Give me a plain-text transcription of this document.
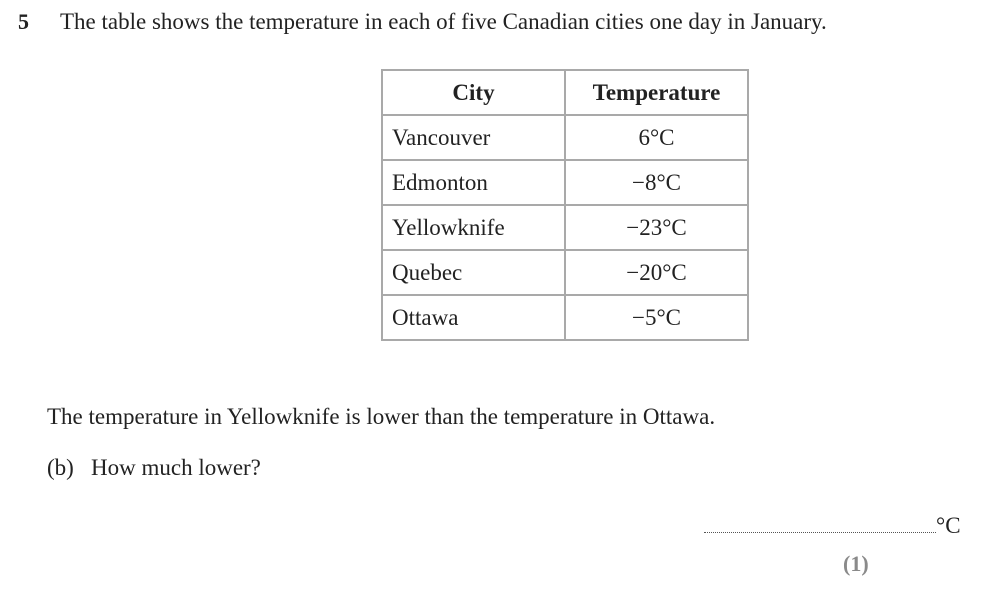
5 The table shows the temperature in each of five Canadian cities one day in January.
City	Temperature
Vancouver	6°C
Edmonton	−8°C
Yellowknife	−23°C
Quebec	−20°C
Ottawa	−5°C
The temperature in Yellowknife is lower than the temperature in Ottawa.
(b) How much lower?
°C
(1)
